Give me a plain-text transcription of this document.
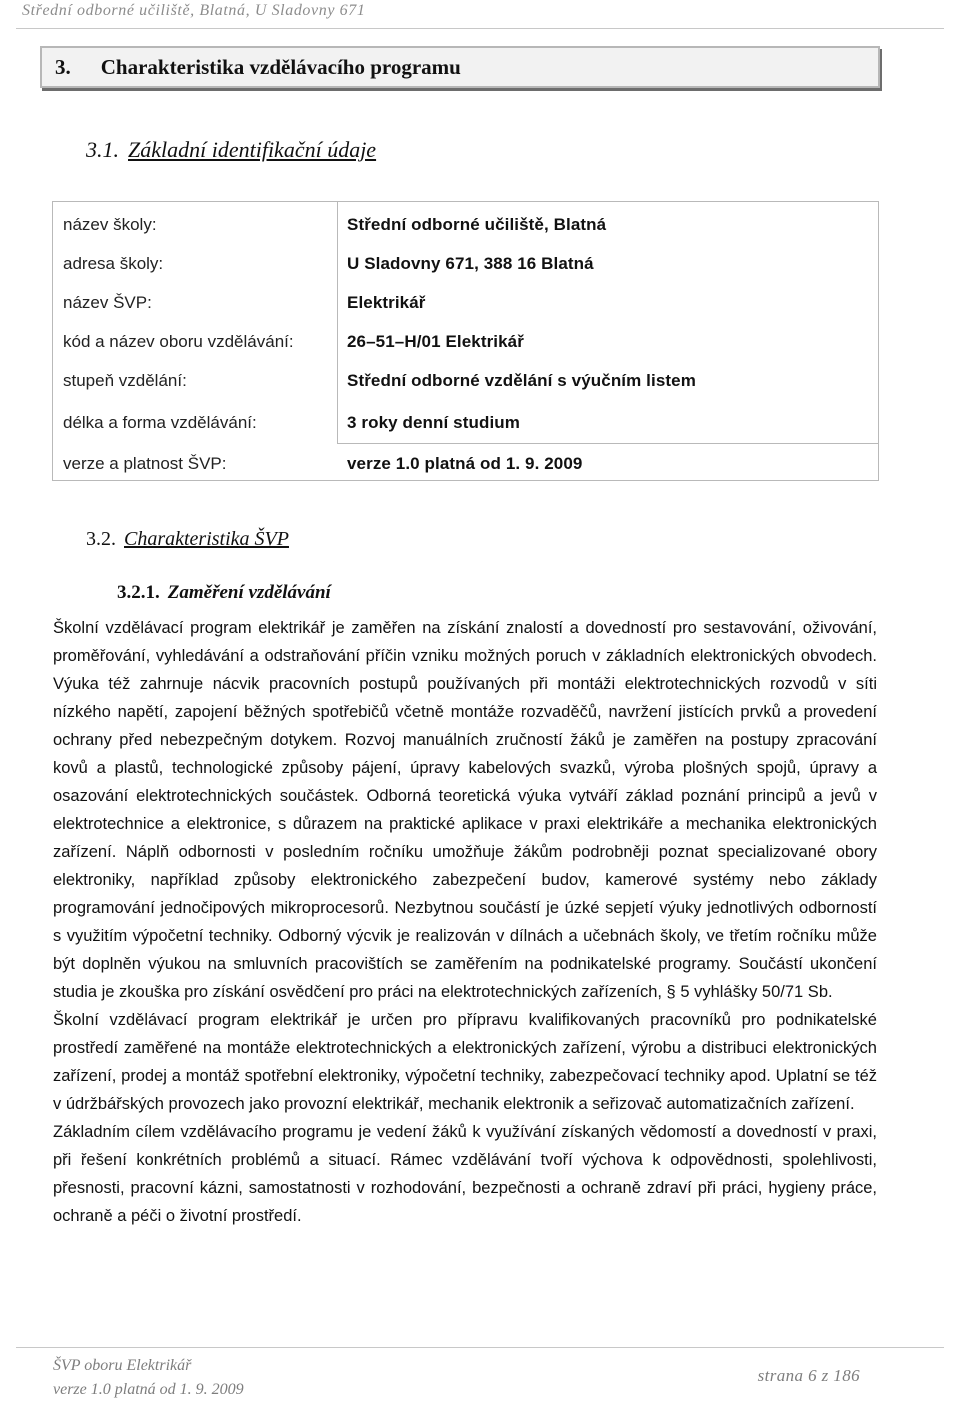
Střední odborné učiliště, Blatná, U Sladovny 671
3. Charakteristika vzdělávacího programu
3.1. Základní identifikační údaje
název školy:	Střední odborné učiliště, Blatná
adresa školy:	U Sladovny 671, 388 16 Blatná
název ŠVP:	Elektrikář
kód a název oboru vzdělávání:	26–51–H/01 Elektrikář
stupeň vzdělání:	Střední odborné vzdělání s výučním listem
délka a forma vzdělávání:	3 roky denní studium
verze a platnost ŠVP:	verze 1.0 platná od 1. 9. 2009
3.2. Charakteristika ŠVP
3.2.1. Zaměření vzdělávání

Školní vzdělávací program elektrikář je zaměřen na získání znalostí a dovedností pro sestavování, oživování, proměřování, vyhledávání a odstraňování příčin vzniku možných poruch v základních elektronických obvodech. Výuka též zahrnuje nácvik pracovních postupů používaných při montáži elektrotechnických rozvodů v síti nízkého napětí, zapojení běžných spotřebičů včetně montáže rozvaděčů, navržení jistících prvků a provedení ochrany před nebezpečným dotykem. Rozvoj manuálních zručností žáků je zaměřen na postupy zpracování kovů a plastů, technologické způsoby pájení, úpravy kabelových svazků, výroba plošných spojů, úpravy a osazování elektrotechnických součástek. Odborná teoretická výuka vytváří základ poznání principů a jevů v elektrotechnice a elektronice, s důrazem na praktické aplikace v praxi elektrikáře a mechanika elektronických zařízení. Náplň odbornosti v posledním ročníku umožňuje žákům podrobněji poznat specializované obory elektroniky, například způsoby elektronického zabezpečení budov, kamerové systémy nebo základy programování jednočipových mikroprocesorů. Nezbytnou součástí je úzké sepjetí výuky jednotlivých odborností s využitím výpočetní techniky. Odborný výcvik je realizován v dílnách a učebnách školy, ve třetím ročníku může být doplněn výukou na smluvních pracovištích se zaměřením na podnikatelské programy. Součástí ukončení studia je zkouška pro získání osvědčení pro práci na elektrotechnických zařízeních, § 5 vyhlášky 50/71 Sb.

Školní vzdělávací program elektrikář je určen pro přípravu kvalifikovaných pracovníků pro podnikatelské prostředí zaměřené na montáže elektrotechnických a elektronických zařízení, výrobu a distribuci elektronických zařízení, prodej a montáž spotřební elektroniky, výpočetní techniky, zabezpečovací techniky apod. Uplatní se též v údržbářských provozech jako provozní elektrikář, mechanik elektronik a seřizovač automatizačních zařízení.

Základním cílem vzdělávacího programu je vedení žáků k využívání získaných vědomostí a dovedností v praxi, při řešení konkrétních problémů a situací. Rámec vzdělávání tvoří výchova k odpovědnosti, spolehlivosti, přesnosti, pracovní kázni, samostatnosti v rozhodování, bezpečnosti a ochraně zdraví při práci, hygieny práce, ochraně a péči o životní prostředí.

ŠVP oboru Elektrikář
verze 1.0 platná od 1. 9. 2009
strana 6 z 186
